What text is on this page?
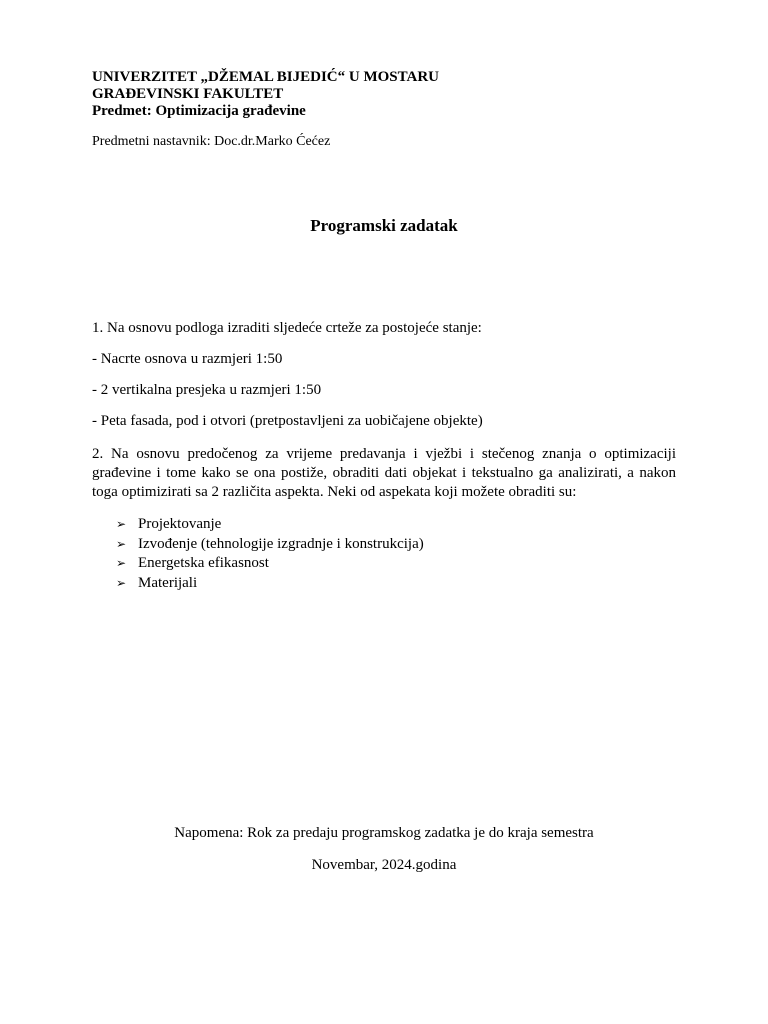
UNIVERZITET „DŽEMAL BIJEDIĆ“ U MOSTARU
GRAĐEVINSKI FAKULTET
Predmet: Optimizacija građevine
Predmetni nastavnik: Doc.dr.Marko Ćećez
Programski zadatak
1. Na osnovu podloga izraditi sljedeće crteže za postojeće stanje:
- Nacrte osnova u razmjeri 1:50
- 2 vertikalna presjeka u razmjeri 1:50
- Peta fasada, pod i otvori (pretpostavljeni za uobičajene objekte)
2. Na osnovu predočenog za vrijeme predavanja i vježbi i stečenog znanja o optimizaciji građevine i tome kako se ona postiže, obraditi dati objekat i tekstualno ga analizirati, a nakon toga optimizirati sa 2 različita aspekta. Neki od aspekata koji možete obraditi su:
➢ Projektovanje
➢ Izvođenje (tehnologije izgradnje i konstrukcija)
➢ Energetska efikasnost
➢ Materijali
Napomena: Rok za predaju programskog zadatka je do kraja semestra
Novembar, 2024.godina
